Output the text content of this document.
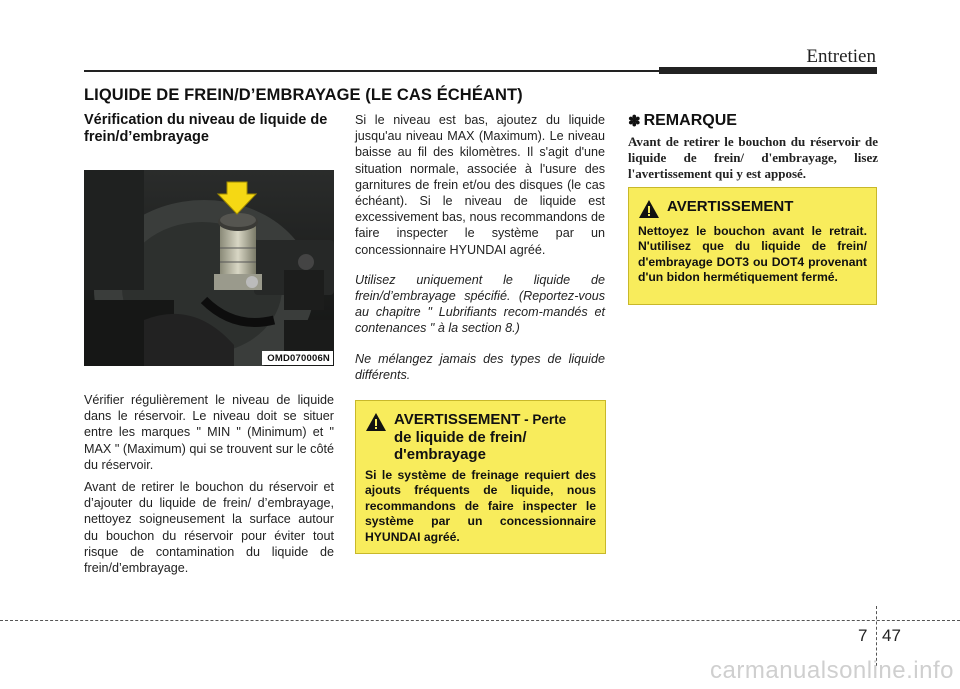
Entretien
LIQUIDE DE FREIN/D’EMBRAYAGE (LE CAS ÉCHÉANT)
Vérification du niveau de liquide de frein/d’embrayage
OMD070006N
Vérifier régulièrement le niveau de liquide dans le réservoir. Le niveau doit se situer entre les marques " MIN " (Minimum) et " MAX " (Maximum) qui se trouvent sur le côté du réservoir.
Avant de retirer le bouchon du réservoir et d’ajouter du liquide de frein/ d’embrayage, nettoyez soigneusement la surface autour du bouchon du réservoir pour éviter tout risque de contamination du liquide de frein/d’embrayage.
Si le niveau est bas, ajoutez du liquide jusqu'au niveau MAX (Maximum). Le niveau baisse au fil des kilomètres. Il s'agit d'une situation normale, associée à l'usure des garnitures de frein et/ou des disques (le cas échéant). Si le niveau de liquide est excessivement bas, nous recommandons de faire inspecter le système par un concessionnaire HYUNDAI agréé.
Utilisez uniquement le liquide de frein/d’embrayage spécifié. (Reportez-vous au chapitre " Lubrifiants recom-mandés et contenances " à la section 8.)
Ne mélangez jamais des types de liquide différents.
AVERTISSEMENT - Perte
de liquide de frein/ d'embrayage
Si le système de freinage requiert des ajouts fréquents de liquide, nous recommandons de faire inspecter le système par un concessionnaire HYUNDAI agréé.
✽ REMARQUE
Avant de retirer le bouchon du réservoir de liquide de frein/ d'embrayage, lisez l'avertissement qui y est apposé.
AVERTISSEMENT
Nettoyez le bouchon avant le retrait. N'utilisez que du liquide de frein/ d'embrayage DOT3 ou DOT4 provenant d'un bidon hermétiquement fermé.
7 47
carmanualsonline.info
